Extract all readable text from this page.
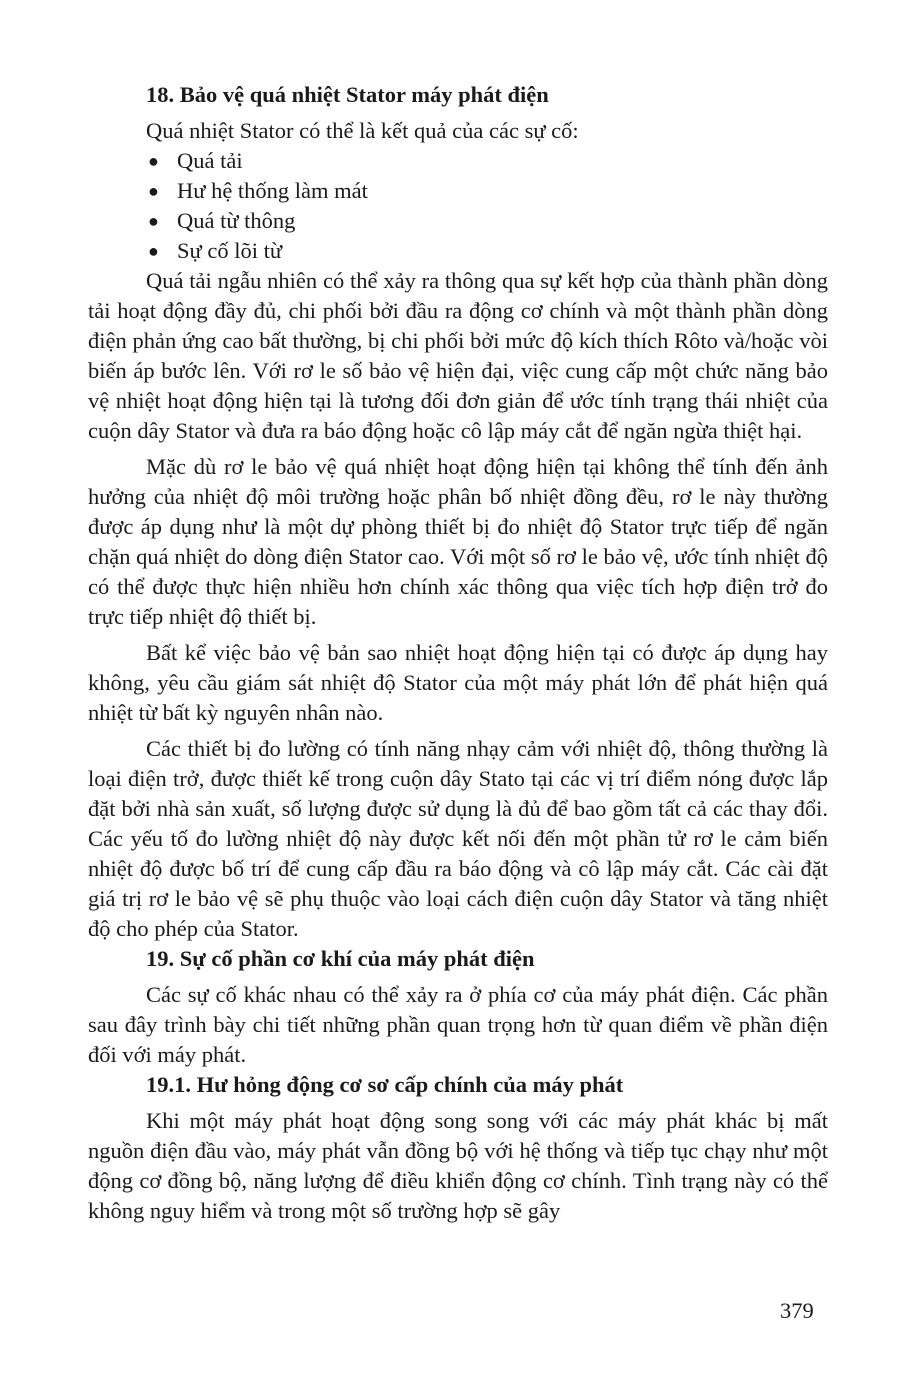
18. Bảo vệ quá nhiệt Stator máy phát điện

Quá nhiệt Stator có thể là kết quả của các sự cố:

● Quá tải
● Hư hệ thống làm mát
● Quá từ thông
● Sự cố lõi từ

Quá tải ngẫu nhiên có thể xảy ra thông qua sự kết hợp của thành phần dòng tải hoạt động đầy đủ, chi phối bởi đầu ra động cơ chính và một thành phần dòng điện phản ứng cao bất thường, bị chi phối bởi mức độ kích thích Rôto và/hoặc vòi biến áp bước lên. Với rơ le số bảo vệ hiện đại, việc cung cấp một chức năng bảo vệ nhiệt hoạt động hiện tại là tương đối đơn giản để ước tính trạng thái nhiệt của cuộn dây Stator và đưa ra báo động hoặc cô lập máy cắt để ngăn ngừa thiệt hại.

Mặc dù rơ le bảo vệ quá nhiệt hoạt động hiện tại không thể tính đến ảnh hưởng của nhiệt độ môi trường hoặc phân bố nhiệt đồng đều, rơ le này thường được áp dụng như là một dự phòng thiết bị đo nhiệt độ Stator trực tiếp để ngăn chặn quá nhiệt do dòng điện Stator cao. Với một số rơ le bảo vệ, ước tính nhiệt độ có thể được thực hiện nhiều hơn chính xác thông qua việc tích hợp điện trở đo trực tiếp nhiệt độ thiết bị.

Bất kể việc bảo vệ bản sao nhiệt hoạt động hiện tại có được áp dụng hay không, yêu cầu giám sát nhiệt độ Stator của một máy phát lớn để phát hiện quá nhiệt từ bất kỳ nguyên nhân nào.

Các thiết bị đo lường có tính năng nhạy cảm với nhiệt độ, thông thường là loại điện trở, được thiết kế trong cuộn dây Stato tại các vị trí điểm nóng được lắp đặt bởi nhà sản xuất, số lượng được sử dụng là đủ để bao gồm tất cả các thay đổi. Các yếu tố đo lường nhiệt độ này được kết nối đến một phần tử rơ le cảm biến nhiệt độ được bố trí để cung cấp đầu ra báo động và cô lập máy cắt. Các cài đặt giá trị rơ le bảo vệ sẽ phụ thuộc vào loại cách điện cuộn dây Stator và tăng nhiệt độ cho phép của Stator.

19. Sự cố phần cơ khí của máy phát điện

Các sự cố khác nhau có thể xảy ra ở phía cơ của máy phát điện. Các phần sau đây trình bày chi tiết những phần quan trọng hơn từ quan điểm về phần điện đối với máy phát.

19.1. Hư hỏng động cơ sơ cấp chính của máy phát

Khi một máy phát hoạt động song song với các máy phát khác bị mất nguồn điện đầu vào, máy phát vẫn đồng bộ với hệ thống và tiếp tục chạy như một động cơ đồng bộ, năng lượng để điều khiển động cơ chính. Tình trạng này có thể không nguy hiểm và trong một số trường hợp sẽ gây

379
